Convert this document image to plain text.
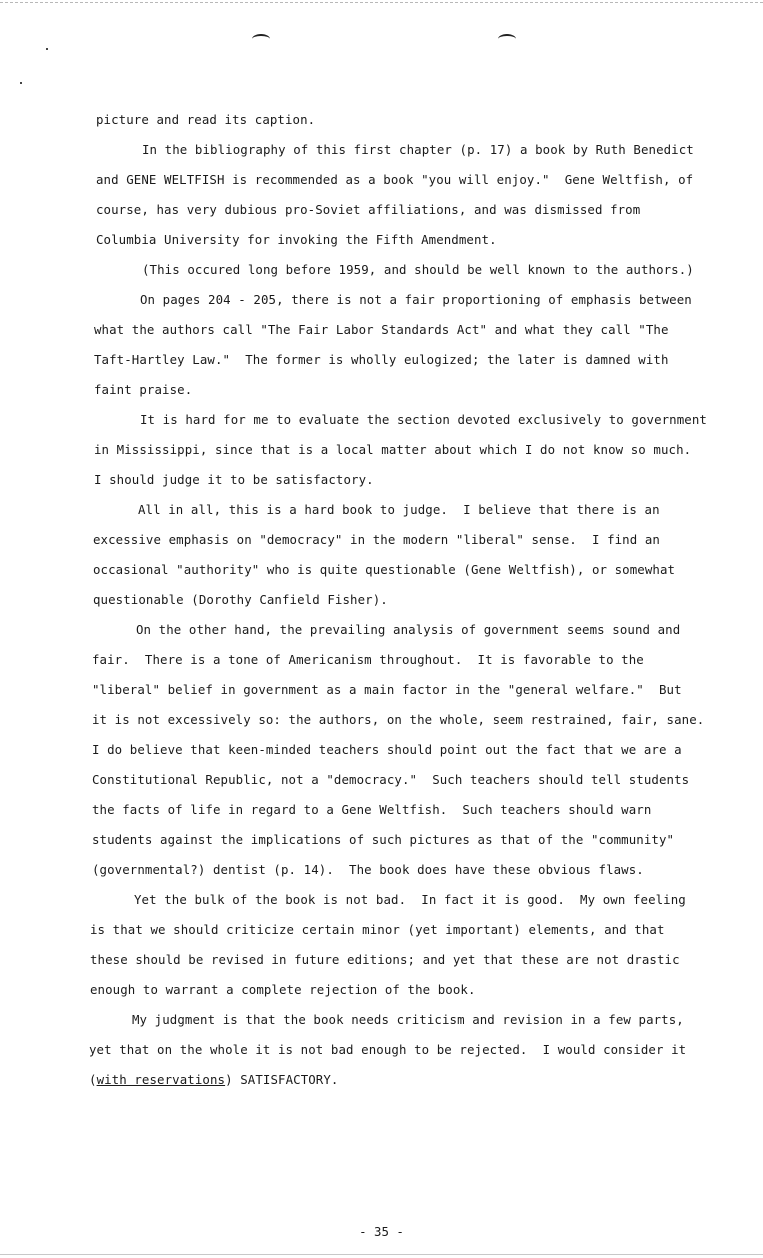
picture and read its caption.
In the bibliography of this first chapter (p. 17) a book by Ruth Benedict
and GENE WELTFISH is recommended as a book "you will enjoy."  Gene Weltfish, of
course, has very dubious pro-Soviet affiliations, and was dismissed from
Columbia University for invoking the Fifth Amendment.
(This occured long before 1959, and should be well known to the authors.)
On pages 204 - 205, there is not a fair proportioning of emphasis between
what the authors call "The Fair Labor Standards Act" and what they call "The
Taft-Hartley Law."  The former is wholly eulogized; the later is damned with
faint praise.
It is hard for me to evaluate the section devoted exclusively to government
in Mississippi, since that is a local matter about which I do not know so much.
I should judge it to be satisfactory.
All in all, this is a hard book to judge.  I believe that there is an
excessive emphasis on "democracy" in the modern "liberal" sense.  I find an
occasional "authority" who is quite questionable (Gene Weltfish), or somewhat
questionable (Dorothy Canfield Fisher).
On the other hand, the prevailing analysis of government seems sound and
fair.  There is a tone of Americanism throughout.  It is favorable to the
"liberal" belief in government as a main factor in the "general welfare."  But
it is not excessively so: the authors, on the whole, seem restrained, fair, sane.
I do believe that keen-minded teachers should point out the fact that we are a
Constitutional Republic, not a "democracy."  Such teachers should tell students
the facts of life in regard to a Gene Weltfish.  Such teachers should warn
students against the implications of such pictures as that of the "community"
(governmental?) dentist (p. 14).  The book does have these obvious flaws.
Yet the bulk of the book is not bad.  In fact it is good.  My own feeling
is that we should criticize certain minor (yet important) elements, and that
these should be revised in future editions; and yet that these are not drastic
enough to warrant a complete rejection of the book.
My judgment is that the book needs criticism and revision in a few parts,
yet that on the whole it is not bad enough to be rejected.  I would consider it
(with reservations) SATISFACTORY.
- 35 -
